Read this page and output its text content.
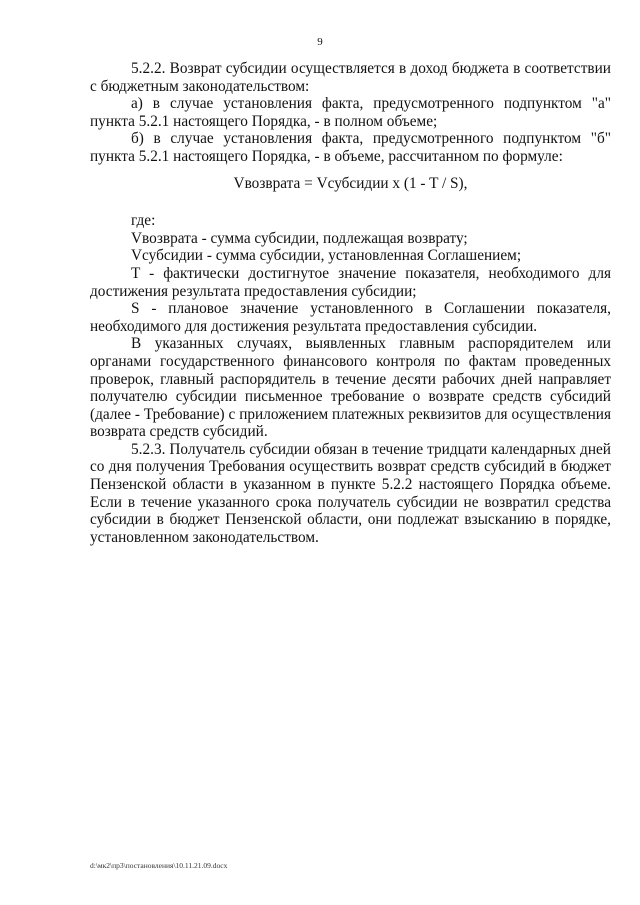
9

5.2.2. Возврат субсидии осуществляется в доход бюджета в соответствии с бюджетным законодательством:

а) в случае установления факта, предусмотренного подпунктом "а" пункта 5.2.1 настоящего Порядка, - в полном объеме;

б) в случае установления факта, предусмотренного подпунктом "б" пункта 5.2.1 настоящего Порядка, - в объеме, рассчитанном по формуле:

Vвозврата = Vсубсидии x (1 - T / S),

где:

Vвозврата - сумма субсидии, подлежащая возврату;

Vсубсидии - сумма субсидии, установленная Соглашением;

T - фактически достигнутое значение показателя, необходимого для достижения результата предоставления субсидии;

S - плановое значение установленного в Соглашении показателя, необходимого для достижения результата предоставления субсидии.

В указанных случаях, выявленных главным распорядителем или органами государственного финансового контроля по фактам проведенных проверок, главный распорядитель в течение десяти рабочих дней направляет получателю субсидии письменное требование о возврате средств субсидий (далее - Требование) с приложением платежных реквизитов для осуществления возврата средств субсидий.

5.2.3. Получатель субсидии обязан в течение тридцати календарных дней со дня получения Требования осуществить возврат средств субсидий в бюджет Пензенской области в указанном в пункте 5.2.2 настоящего Порядка объеме. Если в течение указанного срока получатель субсидии не возвратил средства субсидии в бюджет Пензенской области, они подлежат взысканию в порядке, установленном законодательством.

d:\мк2\пр3\постановления\10.11.21.09.docx
